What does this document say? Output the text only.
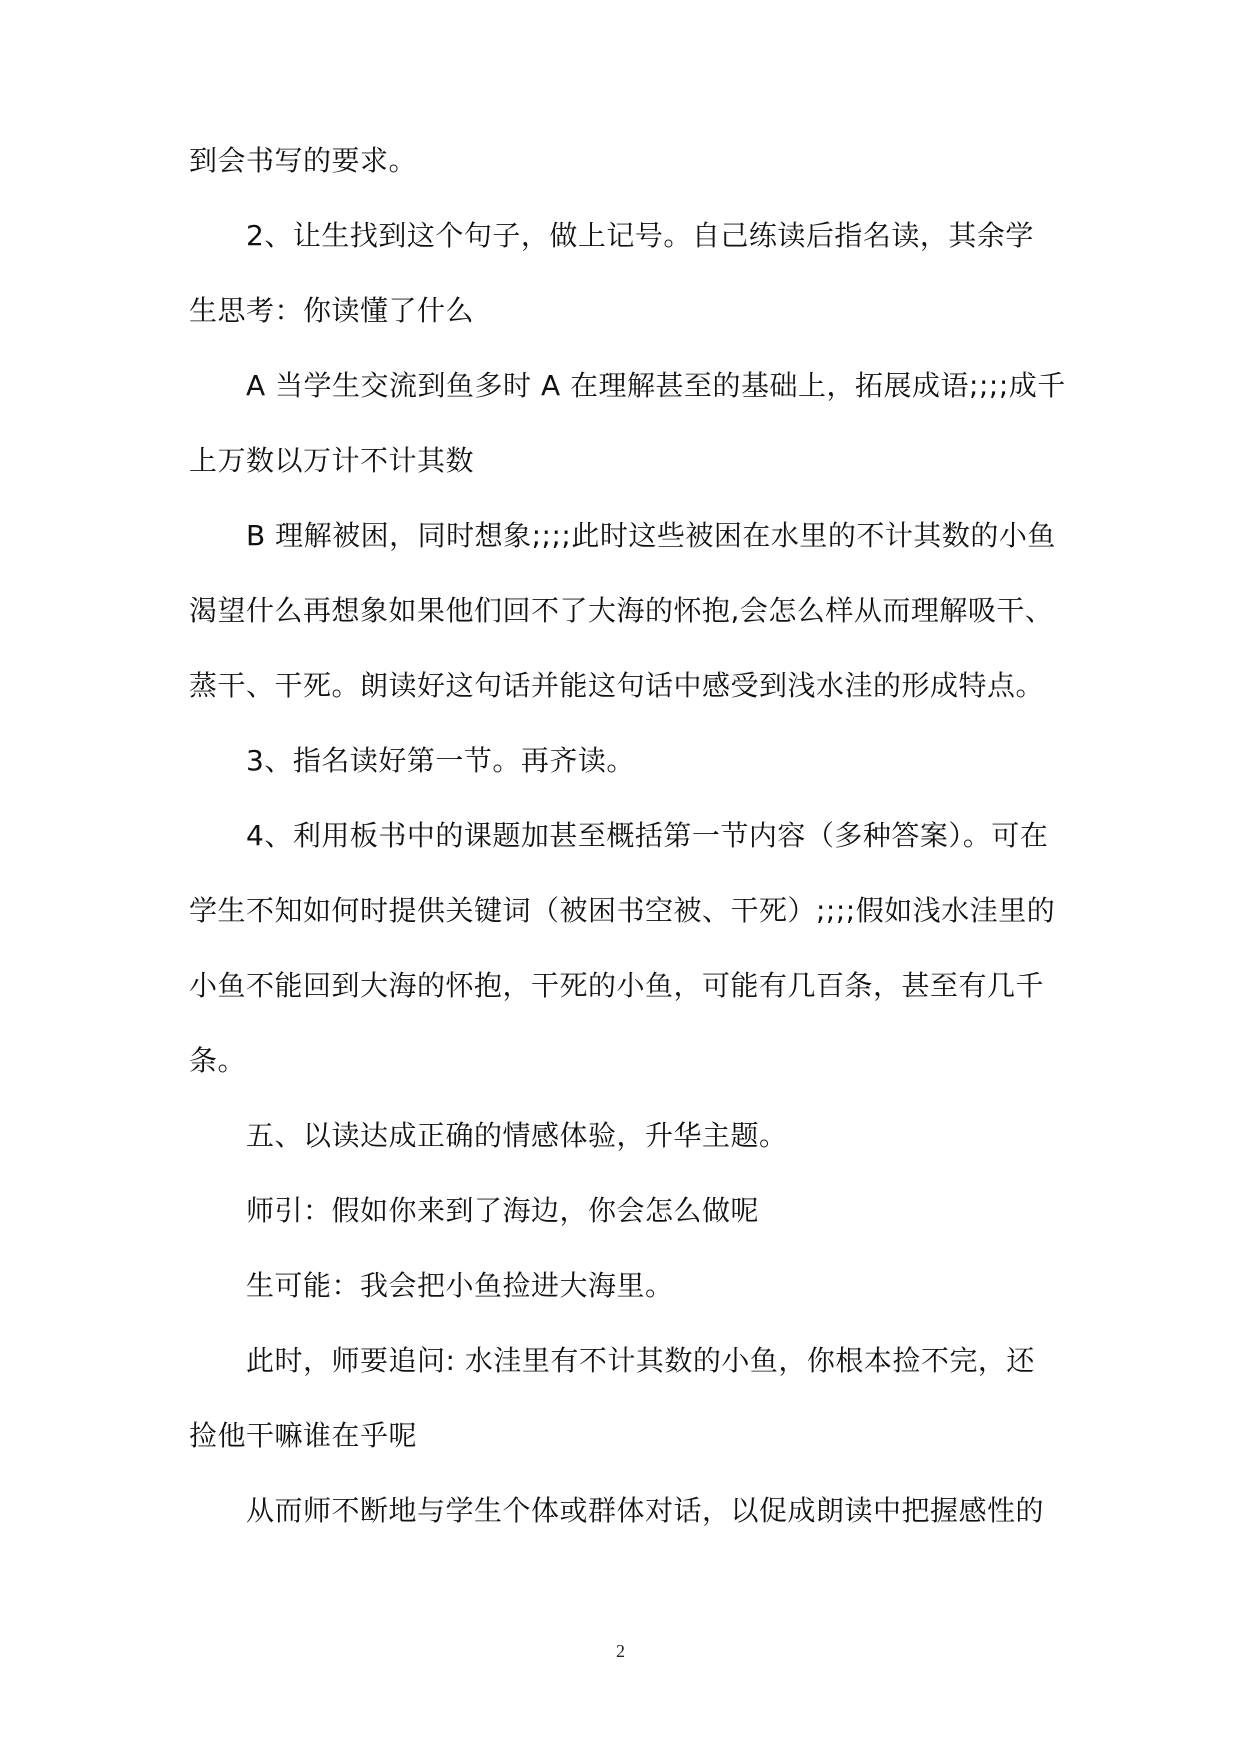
到会书写的要求。
2、让生找到这个句子，做上记号。自己练读后指名读，其余学
生思考：你读懂了什么
A 当学生交流到鱼多时 A 在理解甚至的基础上，拓展成语;;;;成千
上万数以万计不计其数
B 理解被困，同时想象;;;;此时这些被困在水里的不计其数的小鱼
渴望什么再想象如果他们回不了大海的怀抱,会怎么样从而理解吸干、
蒸干、干死。朗读好这句话并能这句话中感受到浅水洼的形成特点。
3、指名读好第一节。再齐读。
4、利用板书中的课题加甚至概括第一节内容（多种答案）。可在
学生不知如何时提供关键词（被困书空被、干死）;;;;假如浅水洼里的
小鱼不能回到大海的怀抱，干死的小鱼，可能有几百条，甚至有几千
条。
五、以读达成正确的情感体验，升华主题。
师引：假如你来到了海边，你会怎么做呢
生可能：我会把小鱼捡进大海里。
此时，师要追问: 水洼里有不计其数的小鱼，你根本捡不完，还
捡他干嘛谁在乎呢
从而师不断地与学生个体或群体对话，以促成朗读中把握感性的
2
